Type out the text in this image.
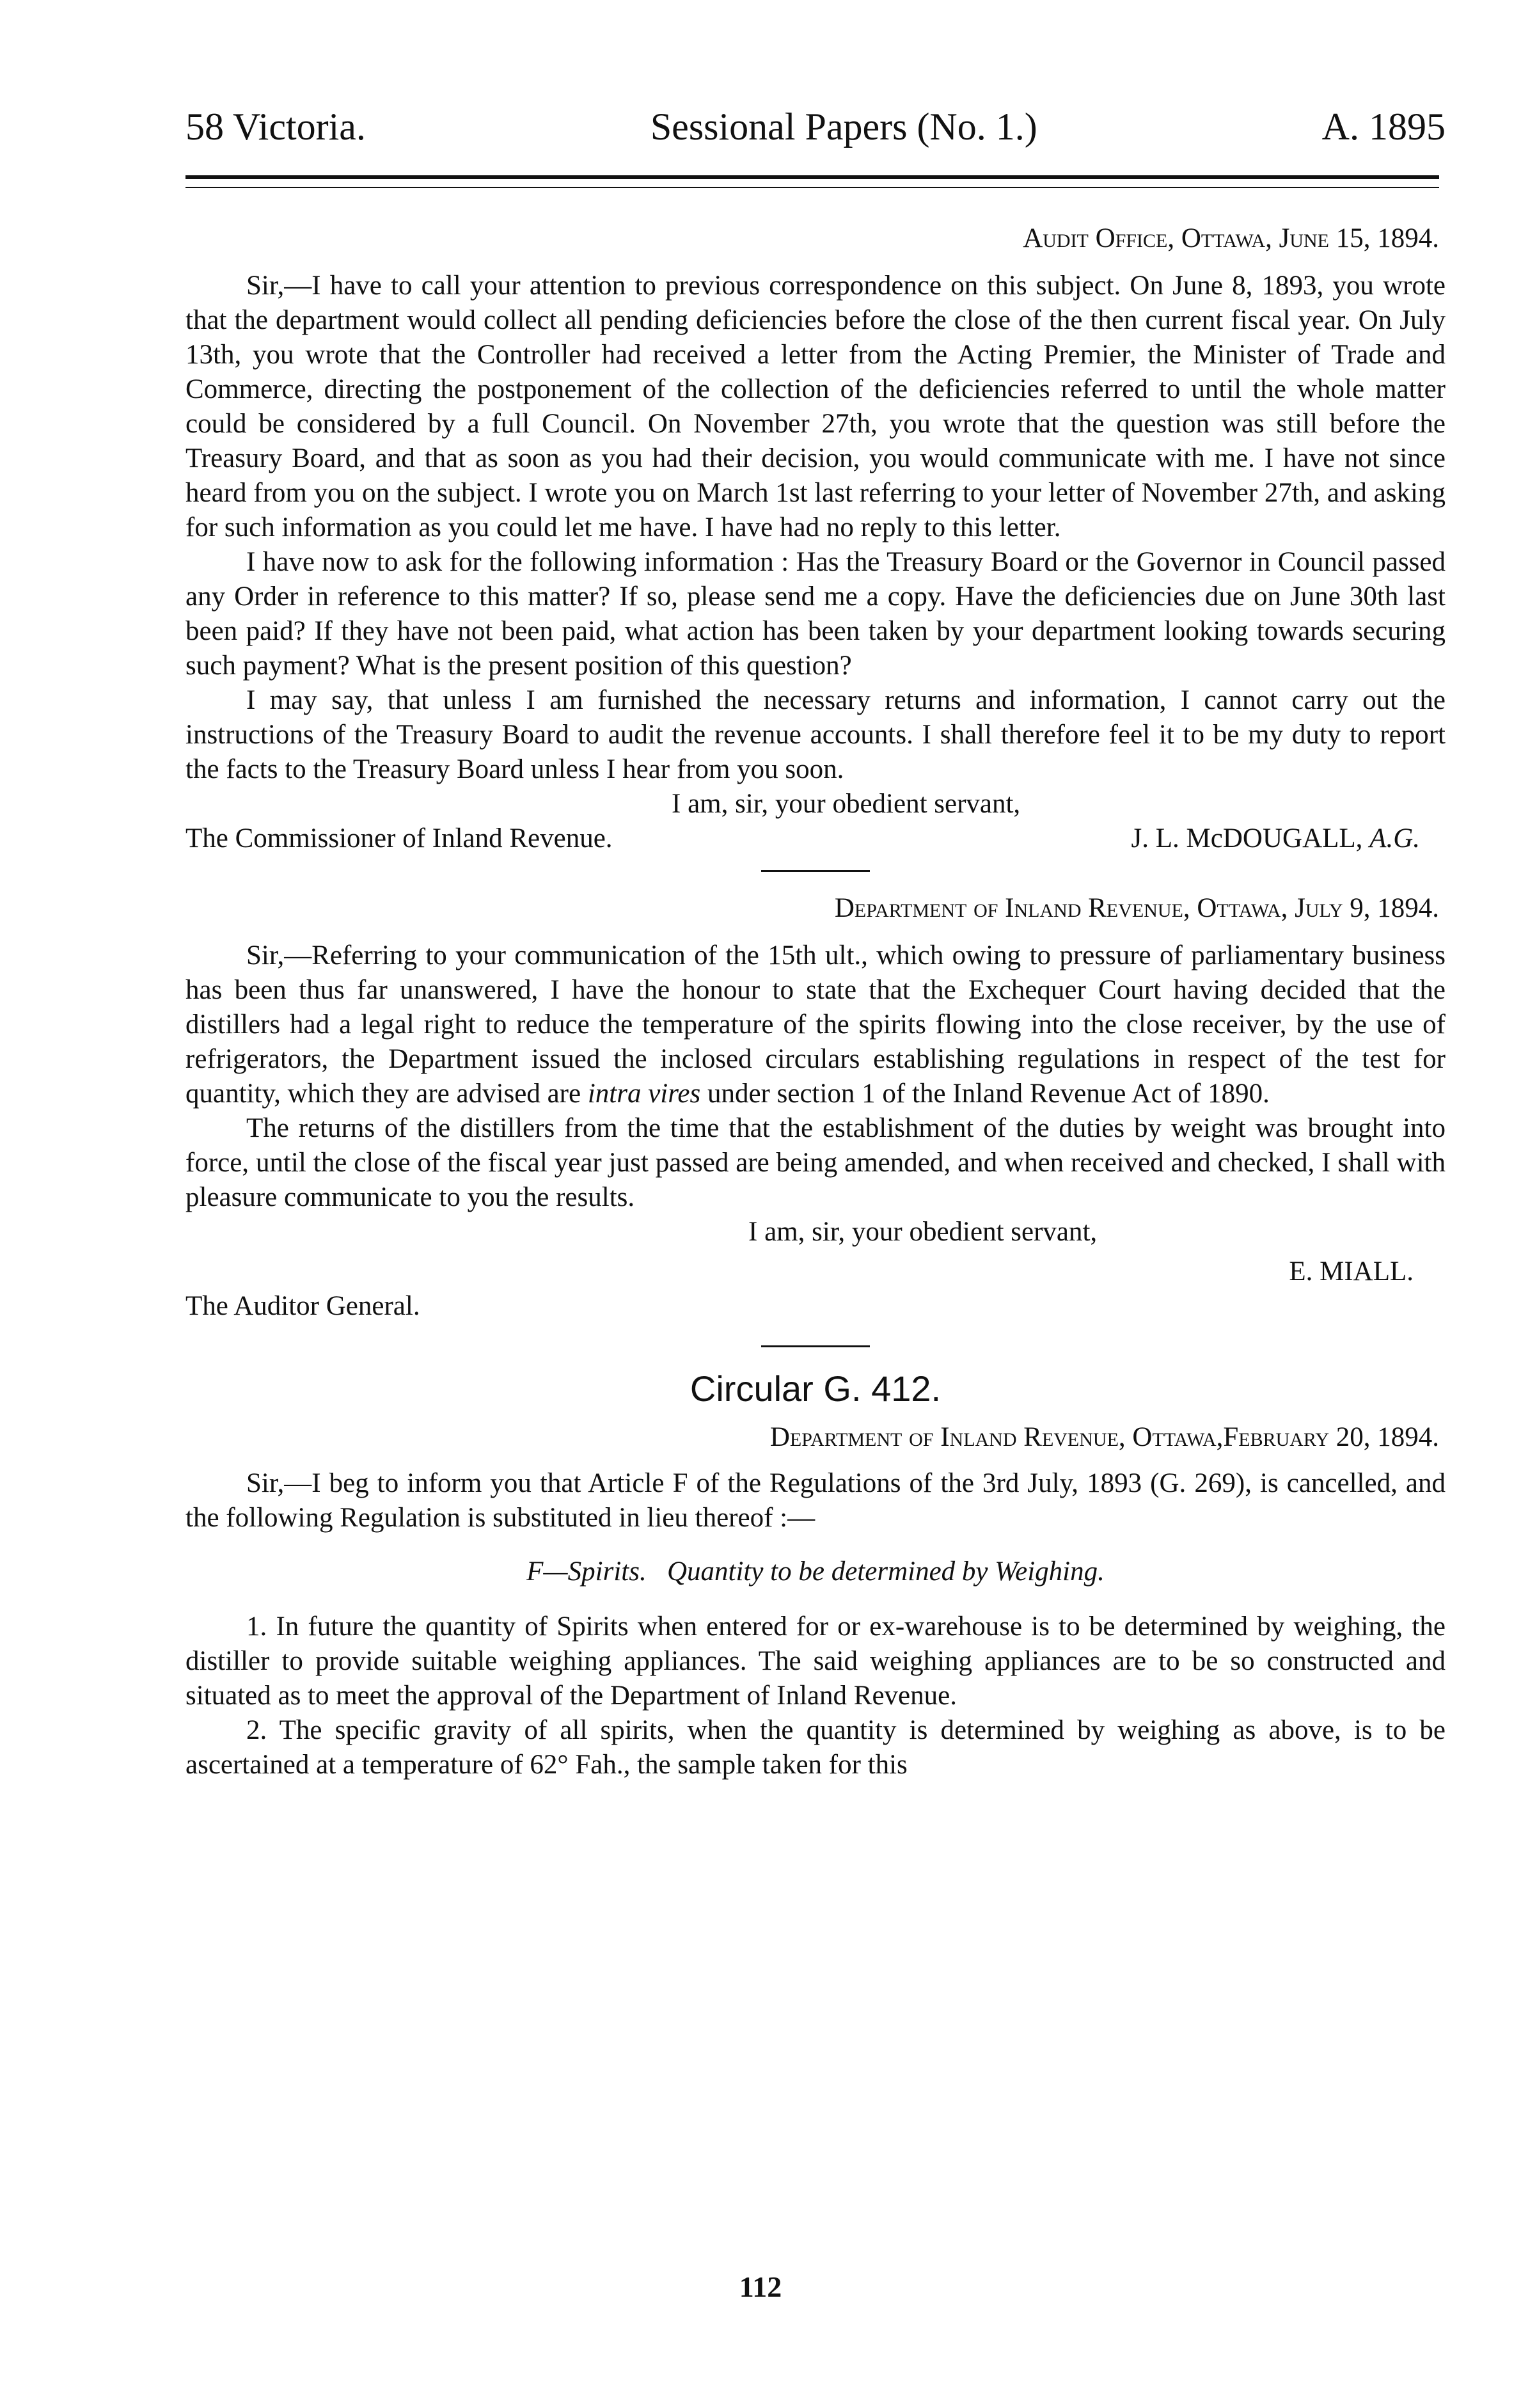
58 Victoria.	Sessional Papers (No. 1.)	A. 1895

Audit Office, Ottawa, June 15, 1894.

Sir,—I have to call your attention to previous correspondence on this subject. On June 8, 1893, you wrote that the department would collect all pending deficiencies before the close of the then current fiscal year. On July 13th, you wrote that the Controller had received a letter from the Acting Premier, the Minister of Trade and Commerce, directing the postponement of the collection of the deficiencies referred to until the whole matter could be considered by a full Council. On November 27th, you wrote that the question was still before the Treasury Board, and that as soon as you had their decision, you would communicate with me. I have not since heard from you on the subject. I wrote you on March 1st last referring to your letter of November 27th, and asking for such information as you could let me have. I have had no reply to this letter.

I have now to ask for the following information : Has the Treasury Board or the Governor in Council passed any Order in reference to this matter? If so, please send me a copy. Have the deficiencies due on June 30th last been paid? If they have not been paid, what action has been taken by your department looking towards securing such payment? What is the present position of this question?

I may say, that unless I am furnished the necessary returns and information, I cannot carry out the instructions of the Treasury Board to audit the revenue accounts. I shall therefore feel it to be my duty to report the facts to the Treasury Board unless I hear from you soon.

I am, sir, your obedient servant,

The Commissioner of Inland Revenue.	J. L. McDOUGALL, A.G.

Department of Inland Revenue, Ottawa, July 9, 1894.

Sir,—Referring to your communication of the 15th ult., which owing to pressure of parliamentary business has been thus far unanswered, I have the honour to state that the Exchequer Court having decided that the distillers had a legal right to reduce the temperature of the spirits flowing into the close receiver, by the use of refrigerators, the Department issued the inclosed circulars establishing regulations in respect of the test for quantity, which they are advised are intra vires under section 1 of the Inland Revenue Act of 1890.

The returns of the distillers from the time that the establishment of the duties by weight was brought into force, until the close of the fiscal year just passed are being amended, and when received and checked, I shall with pleasure communicate to you the results.

I am, sir, your obedient servant,

E. MIALL.

The Auditor General.

Circular G. 412.

Department of Inland Revenue, Ottawa,February 20, 1894.

Sir,—I beg to inform you that Article F of the Regulations of the 3rd July, 1893 (G. 269), is cancelled, and the following Regulation is substituted in lieu thereof :—

F—Spirits. Quantity to be determined by Weighing.

1. In future the quantity of Spirits when entered for or ex-warehouse is to be determined by weighing, the distiller to provide suitable weighing appliances. The said weighing appliances are to be so constructed and situated as to meet the approval of the Department of Inland Revenue.

2. The specific gravity of all spirits, when the quantity is determined by weighing as above, is to be ascertained at a temperature of 62° Fah., the sample taken for this

112
